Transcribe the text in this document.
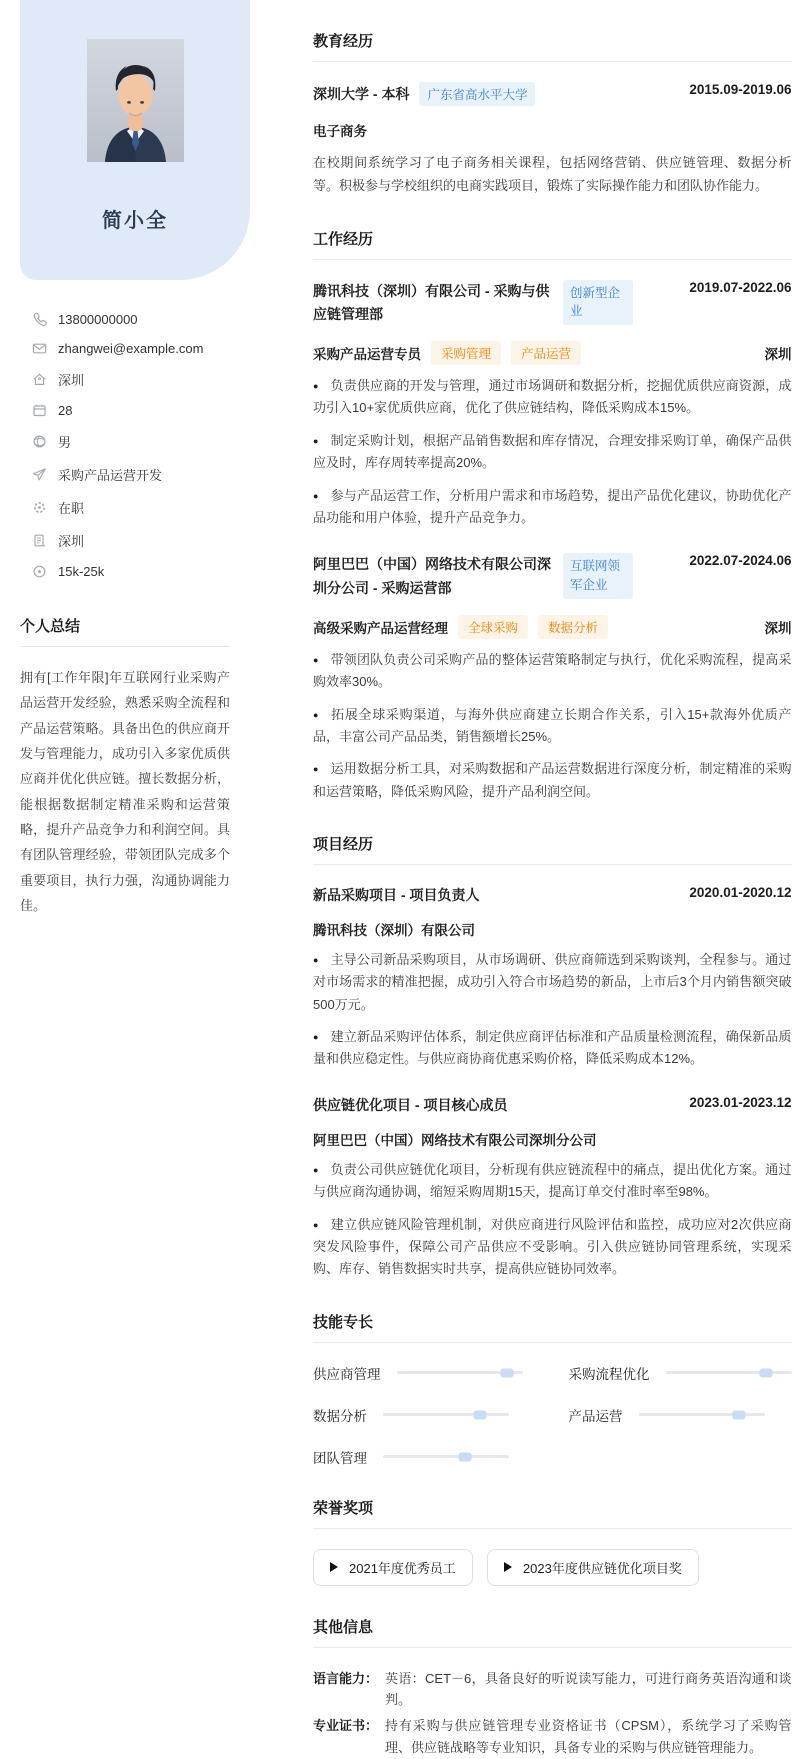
简小全
13800000000
zhangwei@example.com
深圳
28
男
采购产品运营开发
在职
深圳
15k-25k
个人总结
拥有[工作年限]年互联网行业采购产品运营开发经验，熟悉采购全流程和产品运营策略。具备出色的供应商开发与管理能力，成功引入多家优质供应商并优化供应链。擅长数据分析，能根据数据制定精准采购和运营策略，提升产品竞争力和利润空间。具有团队管理经验，带领团队完成多个重要项目，执行力强，沟通协调能力佳。
教育经历
深圳大学 - 本科	广东省高水平大学	2015.09-2019.06
电子商务

在校期间系统学习了电子商务相关课程，包括网络营销、供应链管理、数据分析等。积极参与学校组织的电商实践项目，锻炼了实际操作能力和团队协作能力。

工作经历
腾讯科技（深圳）有限公司 - 采购与供应链管理部
创新型企业
2019.07-2022.06
采购产品运营专员	采购管理	产品运营	深圳

● 负责供应商的开发与管理，通过市场调研和数据分析，挖掘优质供应商资源，成功引入10+家优质供应商，优化了供应链结构，降低采购成本15%。

● 制定采购计划，根据产品销售数据和库存情况，合理安排采购订单，确保产品供应及时，库存周转率提高20%。

● 参与产品运营工作，分析用户需求和市场趋势，提出产品优化建议，协助优化产品功能和用户体验，提升产品竞争力。

阿里巴巴（中国）网络技术有限公司深圳分公司 - 采购运营部
互联网领军企业
2022.07-2024.06
高级采购产品运营经理	全球采购	数据分析	深圳

● 带领团队负责公司采购产品的整体运营策略制定与执行，优化采购流程，提高采购效率30%。

● 拓展全球采购渠道，与海外供应商建立长期合作关系，引入15+款海外优质产品，丰富公司产品品类，销售额增长25%。

● 运用数据分析工具，对采购数据和产品运营数据进行深度分析，制定精准的采购和运营策略，降低采购风险，提升产品利润空间。

项目经历
新品采购项目 - 项目负责人	2020.01-2020.12
腾讯科技（深圳）有限公司

● 主导公司新品采购项目，从市场调研、供应商筛选到采购谈判，全程参与。通过对市场需求的精准把握，成功引入符合市场趋势的新品，上市后3个月内销售额突破500万元。

● 建立新品采购评估体系，制定供应商评估标准和产品质量检测流程，确保新品质量和供应稳定性。与供应商协商优惠采购价格，降低采购成本12%。

供应链优化项目 - 项目核心成员	2023.01-2023.12
阿里巴巴（中国）网络技术有限公司深圳分公司

● 负责公司供应链优化项目，分析现有供应链流程中的痛点，提出优化方案。通过与供应商沟通协调，缩短采购周期15天，提高订单交付准时率至98%。

● 建立供应链风险管理机制，对供应商进行风险评估和监控，成功应对2次供应商突发风险事件，保障公司产品供应不受影响。引入供应链协同管理系统，实现采购、库存、销售数据实时共享，提高供应链协同效率。

技能专长
供应商管理	采购流程优化
数据分析	产品运营
团队管理
荣誉奖项
2021年度优秀员工	2023年度供应链优化项目奖
其他信息
语言能力： 英语：CET－6，具备良好的听说读写能力，可进行商务英语沟通和谈判。
专业证书： 持有采购与供应链管理专业资格证书（CPSM），系统学习了采购管理、供应链战略等专业知识，具备专业的采购与供应链管理能力。
